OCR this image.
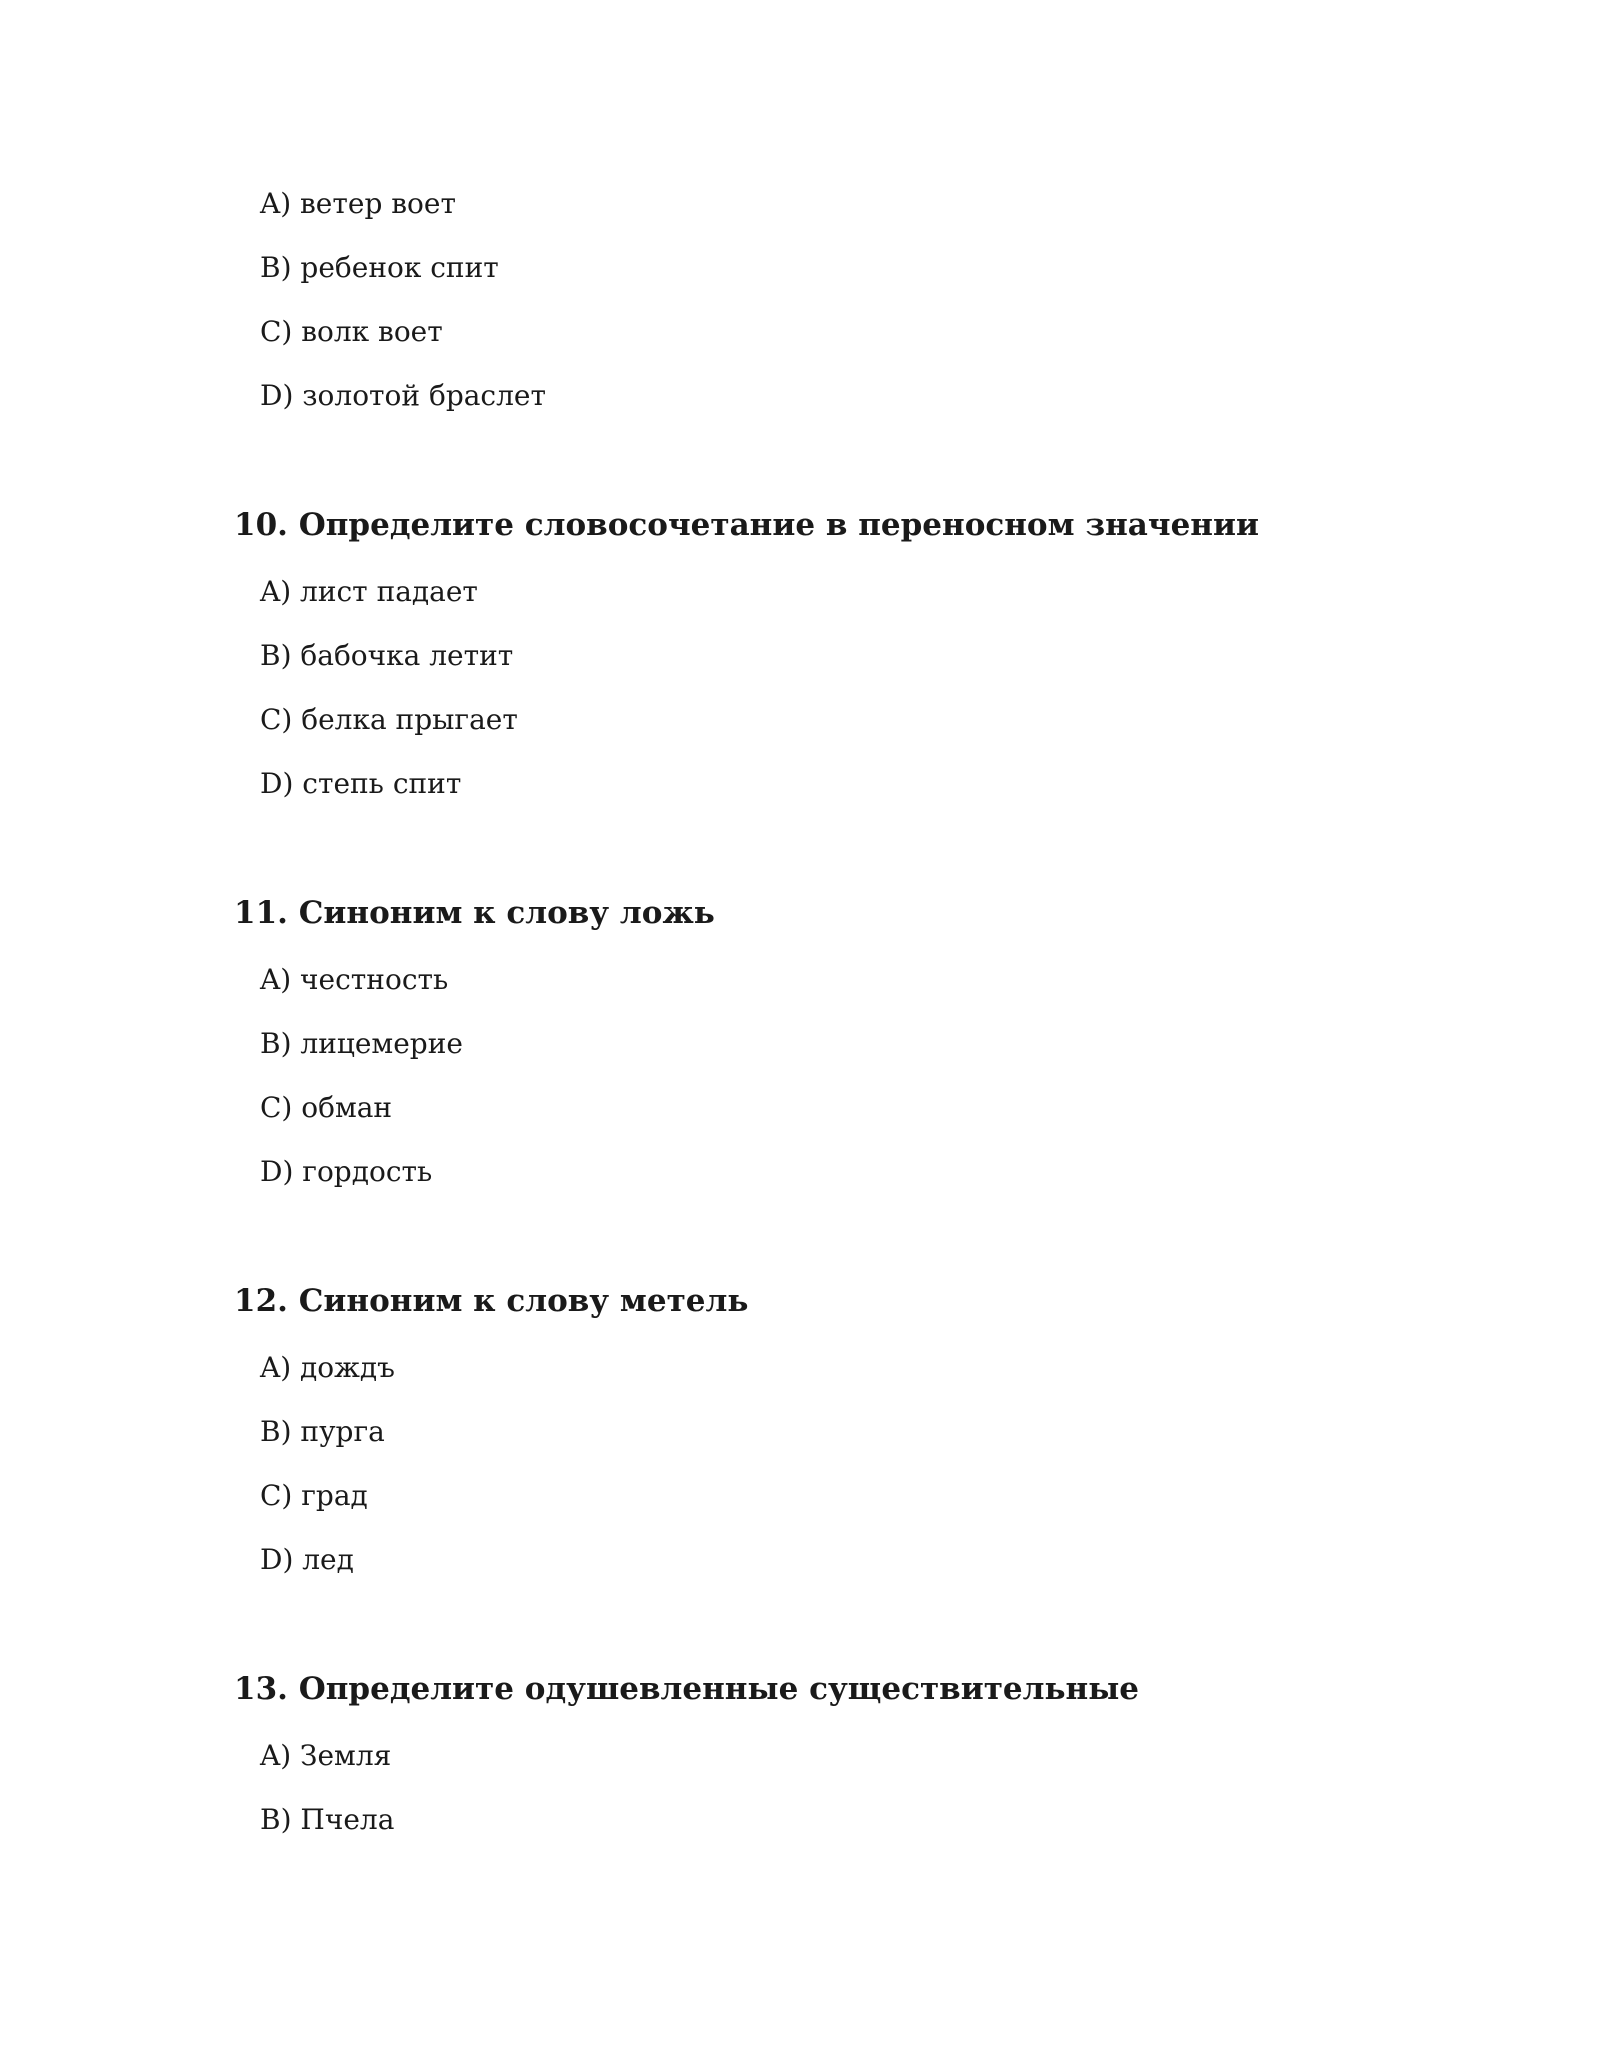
A) ветер воет
B) ребенок спит
C) волк воет
D) золотой браслет
10. Определите словосочетание в переносном значении
A) лист падает
B) бабочка летит
C) белка прыгает
D) степь спит
11. Синоним к слову ложь
A) честность
B) лицемерие
C) обман
D) гордость
12. Синоним к слову метель
A) дождъ
B) пурга
C) град
D) лед
13. Определите одушевленные существительные
A) Земля
B) Пчела
